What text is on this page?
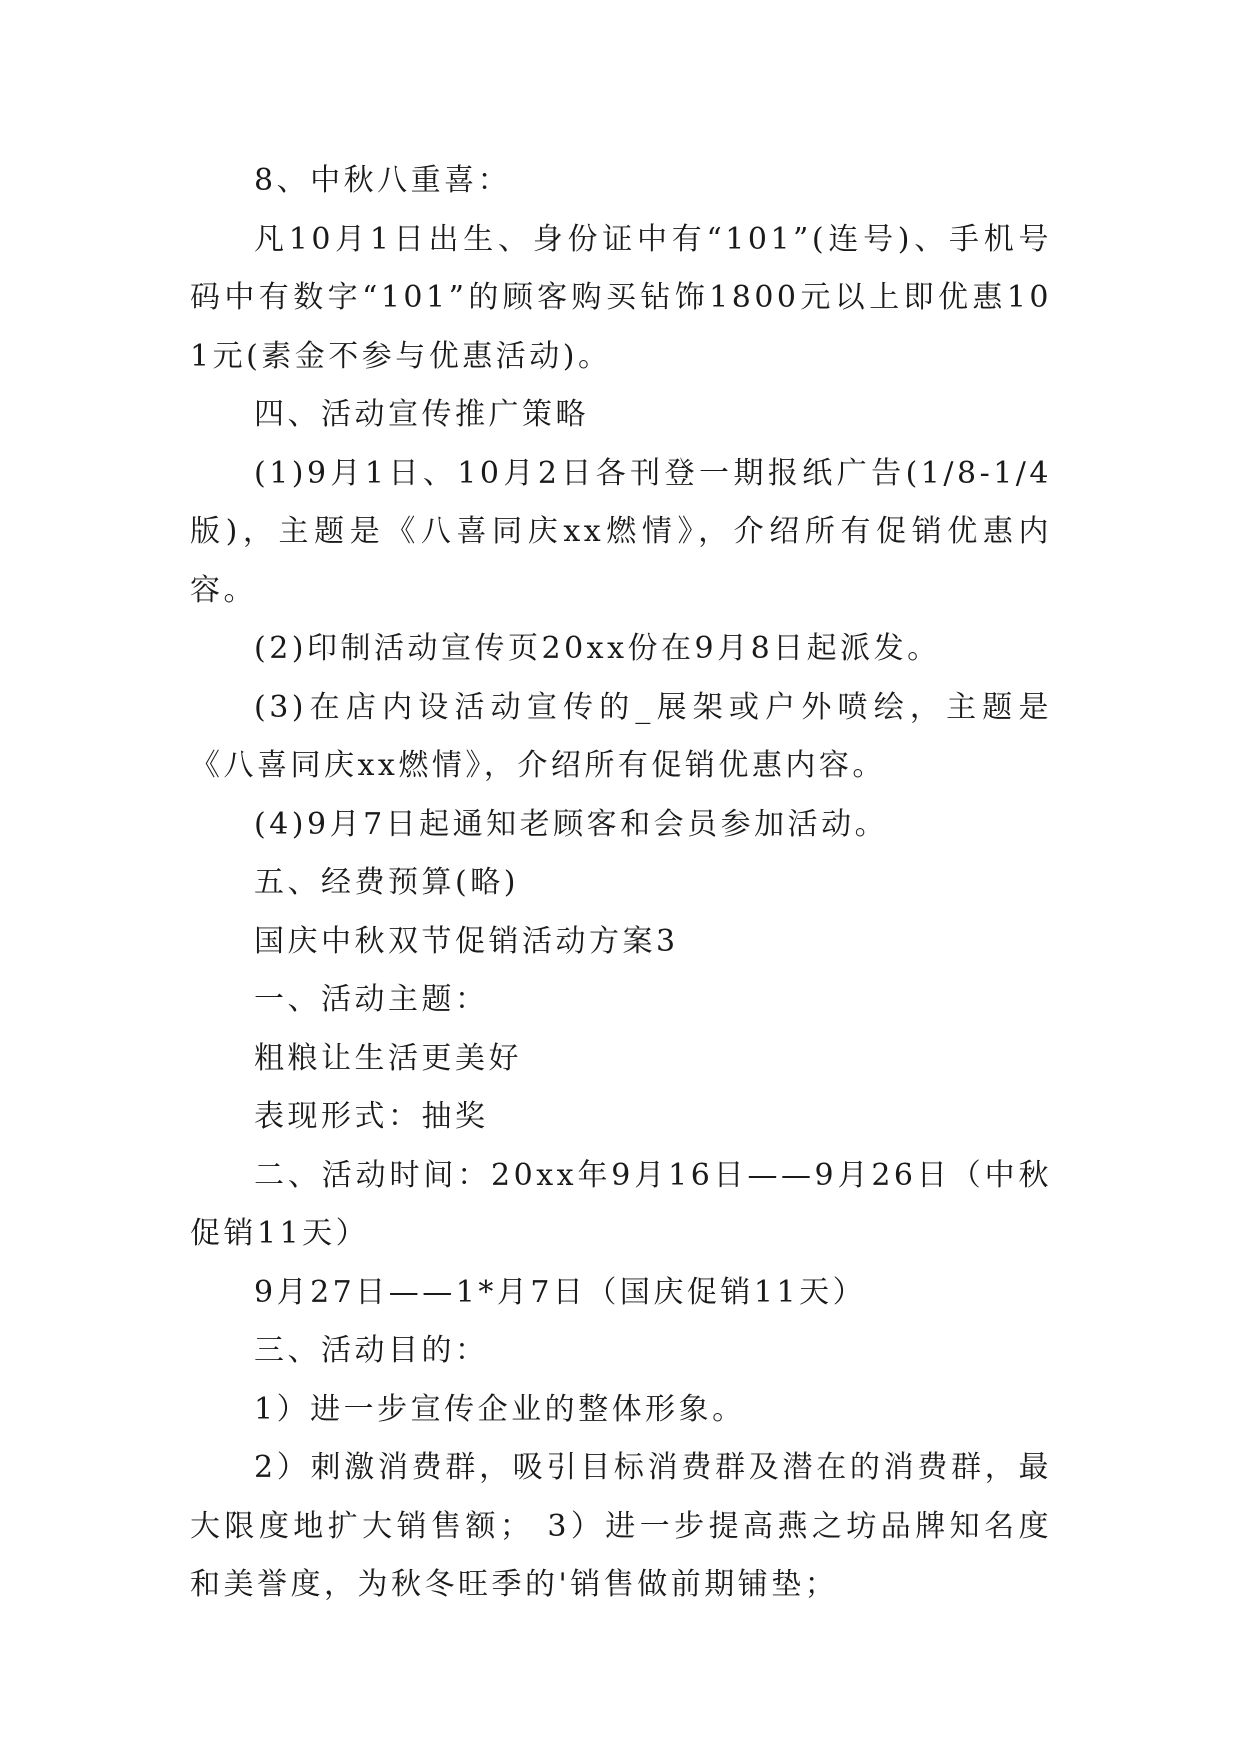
8、中秋八重喜：

凡10月1日出生、身份证中有“101”(连号)、手机号码中有数字“101”的顾客购买钻饰1800元以上即优惠101元(素金不参与优惠活动)。

四、活动宣传推广策略

(1)9月1日、10月2日各刊登一期报纸广告(1/8-1/4版)，主题是《八喜同庆xx燃情》，介绍所有促销优惠内容。

(2)印制活动宣传页20xx份在9月8日起派发。

(3)在店内设活动宣传的_展架或户外喷绘，主题是《八喜同庆xx燃情》，介绍所有促销优惠内容。

(4)9月7日起通知老顾客和会员参加活动。

五、经费预算(略)

国庆中秋双节促销活动方案3

一、活动主题：

粗粮让生活更美好

表现形式：抽奖

二、活动时间：20xx年9月16日——9月26日（中秋促销11天）

9月27日——1*月7日（国庆促销11天）

三、活动目的：

1）进一步宣传企业的整体形象。

2）刺激消费群，吸引目标消费群及潜在的消费群，最大限度地扩大销售额； 3）进一步提高燕之坊品牌知名度和美誉度，为秋冬旺季的'销售做前期铺垫；
